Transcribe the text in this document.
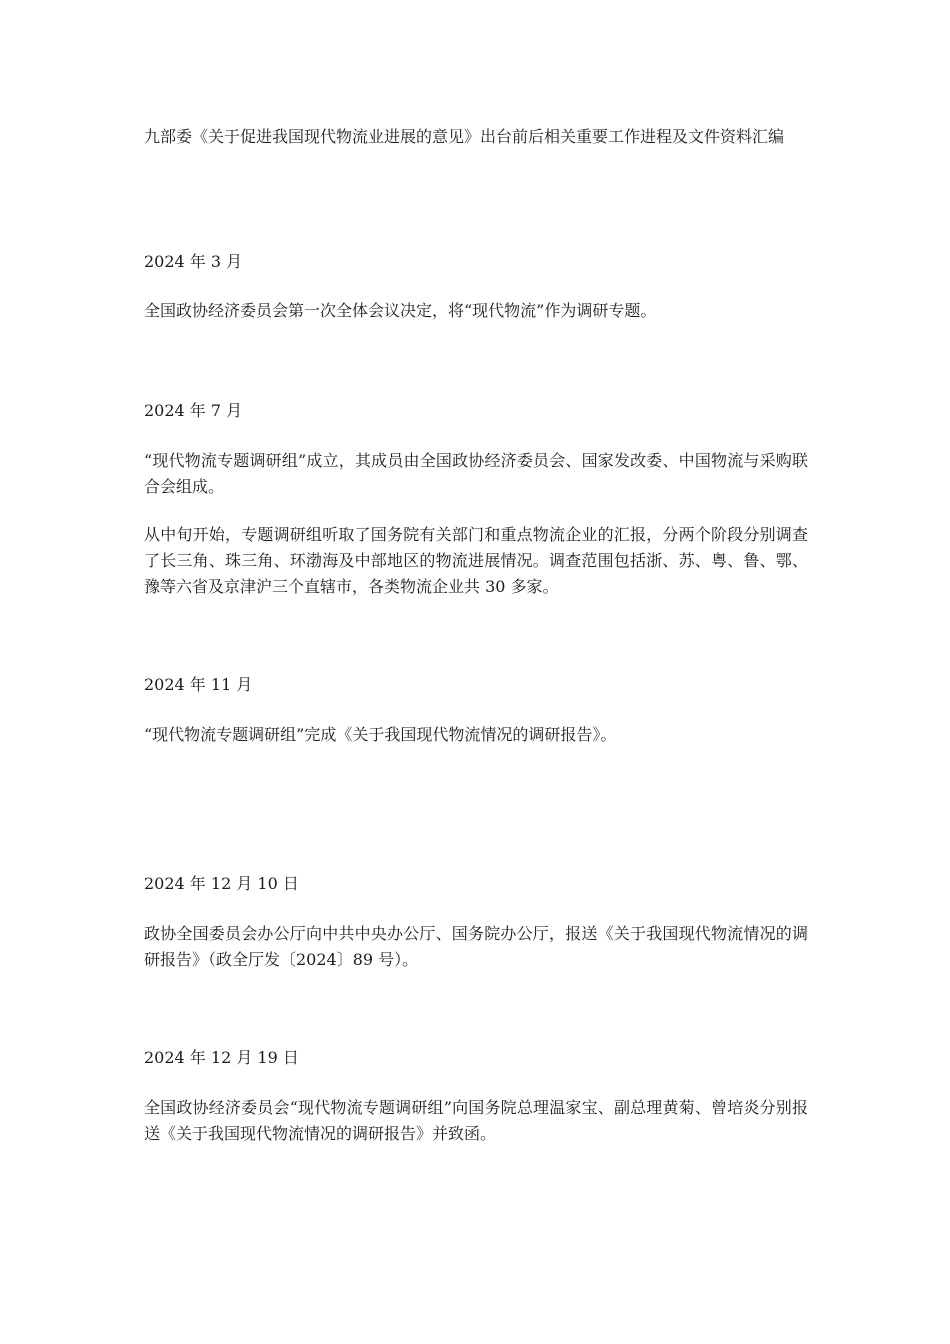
九部委《关于促进我国现代物流业进展的意见》出台前后相关重要工作进程及文件资料汇编

2024 年 3 月

全国政协经济委员会第一次全体会议决定，将“现代物流”作为调研专题。

2024 年 7 月

“现代物流专题调研组”成立，其成员由全国政协经济委员会、国家发改委、中国物流与采购联合会组成。

从中旬开始，专题调研组听取了国务院有关部门和重点物流企业的汇报，分两个阶段分别调查了长三角、珠三角、环渤海及中部地区的物流进展情况。调查范围包括浙、苏、粤、鲁、鄂、豫等六省及京津沪三个直辖市，各类物流企业共 30 多家。

2024 年 11 月

“现代物流专题调研组”完成《关于我国现代物流情况的调研报告》。

2024 年 12 月 10 日

政协全国委员会办公厅向中共中央办公厅、国务院办公厅，报送《关于我国现代物流情况的调研报告》（政全厅发〔2024〕89 号）。

2024 年 12 月 19 日

全国政协经济委员会“现代物流专题调研组”向国务院总理温家宝、副总理黄菊、曾培炎分别报送《关于我国现代物流情况的调研报告》并致函。
